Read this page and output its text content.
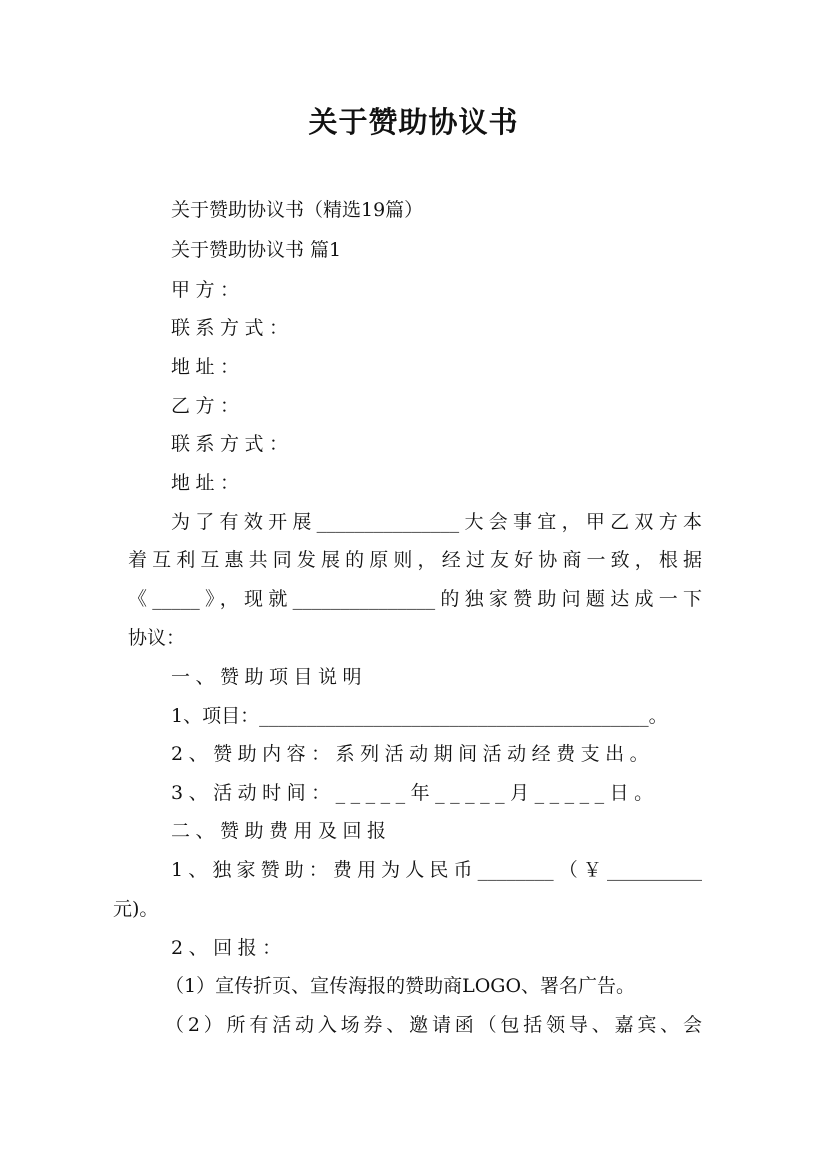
关于赞助协议书
关于赞助协议书（精选19篇）
关于赞助协议书 篇1
甲方：
联系方式：
地址：
乙方：
联系方式：
地址：
为了有效开展_______________大会事宜，甲乙双方本
着互利互惠共同发展的原则，经过友好协商一致，根据
《_____》，现就_______________的独家赞助问题达成一下
协议：
一、赞助项目说明
1、项目：_________________________________________。
2、赞助内容：系列活动期间活动经费支出。
3、活动时间：_____年_____月_____日。
二、赞助费用及回报
1、独家赞助：费用为人民币________（￥__________
元)。
2、回报：
（1）宣传折页、宣传海报的赞助商LOGO、署名广告。
（2）所有活动入场券、邀请函（包括领导、嘉宾、会
